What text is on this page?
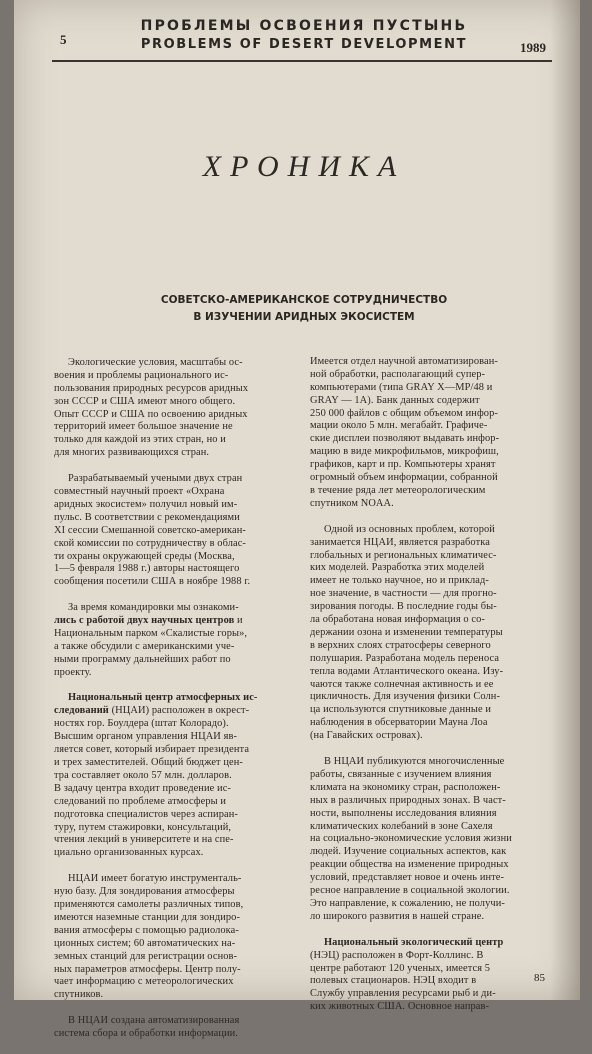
5
ПРОБЛЕМЫ ОСВОЕНИЯ ПУСТЫНЬ
PROBLEMS OF DESERT DEVELOPMENT	1989
ХРОНИКА
СОВЕТСКО-АМЕРИКАНСКОЕ СОТРУДНИЧЕСТВО
В ИЗУЧЕНИИ АРИДНЫХ ЭКОСИСТЕМ

Экологические условия, масштабы ос-
воения и проблемы рационального ис-
пользования природных ресурсов аридных
зон СССР и США имеют много общего.
Опыт СССР и США по освоению аридных
территорий имеет большое значение не
только для каждой из этих стран, но и
для многих развивающихся стран.

Разрабатываемый учеными двух стран
совместный научный проект «Охрана
aридных экосистем» получил новый им-
пульс. В соответствии с рекомендациями
XI сессии Смешанной советско-американ-
ской комиссии по сотрудничеству в облас-
ти охраны окружающей среды (Москва,
1—5 февраля 1988 г.) авторы настоящего
сообщения посетили США в ноябре 1988 г.

За время командировки мы ознакоми-
лись с работой двух научных центров и
Национальным парком «Скалистые горы»,
а также обсудили с американскими уче-
ными программу дальнейших работ по
проекту.

Национальный центр атмосферных ис-
следований (НЦАИ) расположен в окрест-
ностях гор. Боулдера (штат Колорадо).
Высшим органом управления НЦАИ яв-
ляется совет, который избирает президента
и трех заместителей. Общий бюджет цен-
тра составляет около 57 млн. долларов.
В задачу центра входит проведение ис-
следований по проблеме атмосферы и
подготовка специалистов через аспиран-
туру, путем стажировки, консультаций,
чтения лекций в университете и на спе-
циально организованных курсах.

НЦАИ имеет богатую инструменталь-
ную базу. Для зондирования атмосферы
применяются самолеты различных типов,
имеются наземные станции для зондиро-
вания атмосферы с помощью радиолока-
ционных систем; 60 автоматических на-
земных станций для регистрации основ-
ных параметров атмосферы. Центр полу-
чает информацию с метеорологических
спутников.

В НЦАИ создана автоматизированная
система сбора и обработки информации.

Имеется отдел научной автоматизирован-
ной обработки, располагающий супер-
компьютерами (типа GRAY X—MP/48 и
GRAY — 1A). Банк данных содержит
250 000 файлов с общим объемом инфор-
мации около 5 млн. мегабайт. Графиче-
ские дисплеи позволяют выдавать инфор-
мацию в виде микрофильмов, микрофиш,
графиков, карт и пр. Компьютеры хранят
огромный объем информации, собранной
в течение ряда лет метеорологическим
спутником NOAA.

Одной из основных проблем, которой
занимается НЦАИ, является разработка
глобальных и региональных климатичес-
ких моделей. Разработка этих моделей
имеет не только научное, но и приклад-
ное значение, в частности — для прогно-
зирования погоды. В последние годы бы-
ла обработана новая информация о со-
держании озона и изменении температуры
в верхних слоях стратосферы северного
полушария. Разработана модель переноса
тепла водами Атлантического океана. Изу-
чаются также солнечная активность и ее
цикличность. Для изучения физики Солн-
ца используются спутниковые данные и
наблюдения в обсерватории Мауна Лоа
(на Гавайских островах).

В НЦАИ публикуются многочисленные
работы, связанные с изучением влияния
климата на экономику стран, расположен-
ных в различных природных зонах. В част-
ности, выполнены исследования влияния
климатических колебаний в зоне Сахеля
на социально-экономические условия жизни
людей. Изучение социальных аспектов, как
реакции общества на изменение природных
условий, представляет новое и очень инте-
ресное направление в социальной экологии.
Это направление, к сожалению, не получи-
ло широкого развития в нашей стране.

Национальный экологический центр
(НЭЦ) расположен в Форт-Коллинс. В
центре работают 120 ученых, имеется 5
полевых стационаров. НЭЦ входит в
Службу управления ресурсами рыб и ди-
ких животных США. Основное направ-

85
